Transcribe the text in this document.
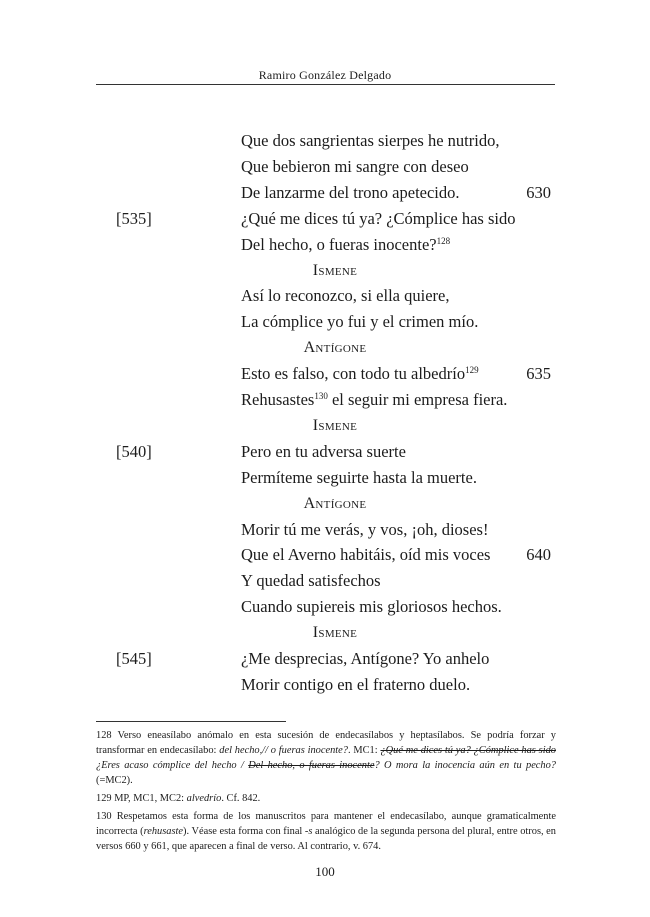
Ramiro González Delgado
Que dos sangrientas sierpes he nutrido,
Que bebieron mi sangre con deseo
De lanzarme del trono apetecido.	630
[535]	¿Qué me dices tú ya? ¿Cómplice has sido
Del hecho, o fueras inocente?$^{128}$
Ismene
Así lo reconozco, si ella quiere,
La cómplice yo fui y el crimen mío.
Antígone
Esto es falso, con todo tu albedrío$^{129}$	635
Rehusastes$^{130}$ el seguir mi empresa fiera.
Ismene
[540]	Pero en tu adversa suerte
Permíteme seguirte hasta la muerte.
Antígone
Morir tú me verás, y vos, ¡oh, dioses!
Que el Averno habitáis, oíd mis voces 640
Y quedad satisfechos
Cuando supiereis mis gloriosos hechos.
Ismene
[545]	¿Me desprecias, Antígone? Yo anhelo
Morir contigo en el fraterno duelo.
128 Verso eneasílabo anómalo en esta sucesión de endecasílabos y heptasílabos. Se podría forzar y transformar en endecasílabo: del hecho,// o fueras inocente?. MC1: ¿Qué me dices tú ya? ¿Cómplice has sido ¿Eres acaso cómplice del hecho / Del hecho, o fueras inocente? O mora la inocencia aún en tu pecho? (=MC2).
129 MP, MC1, MC2: alvedrío. Cf. 842.
130 Respetamos esta forma de los manuscritos para mantener el endecasílabo, aunque gramaticalmente incorrecta (rehusaste). Véase esta forma con final -s analógico de la segunda persona del plural, entre otros, en versos 660 y 661, que aparecen a final de verso. Al contrario, v. 674.
100
